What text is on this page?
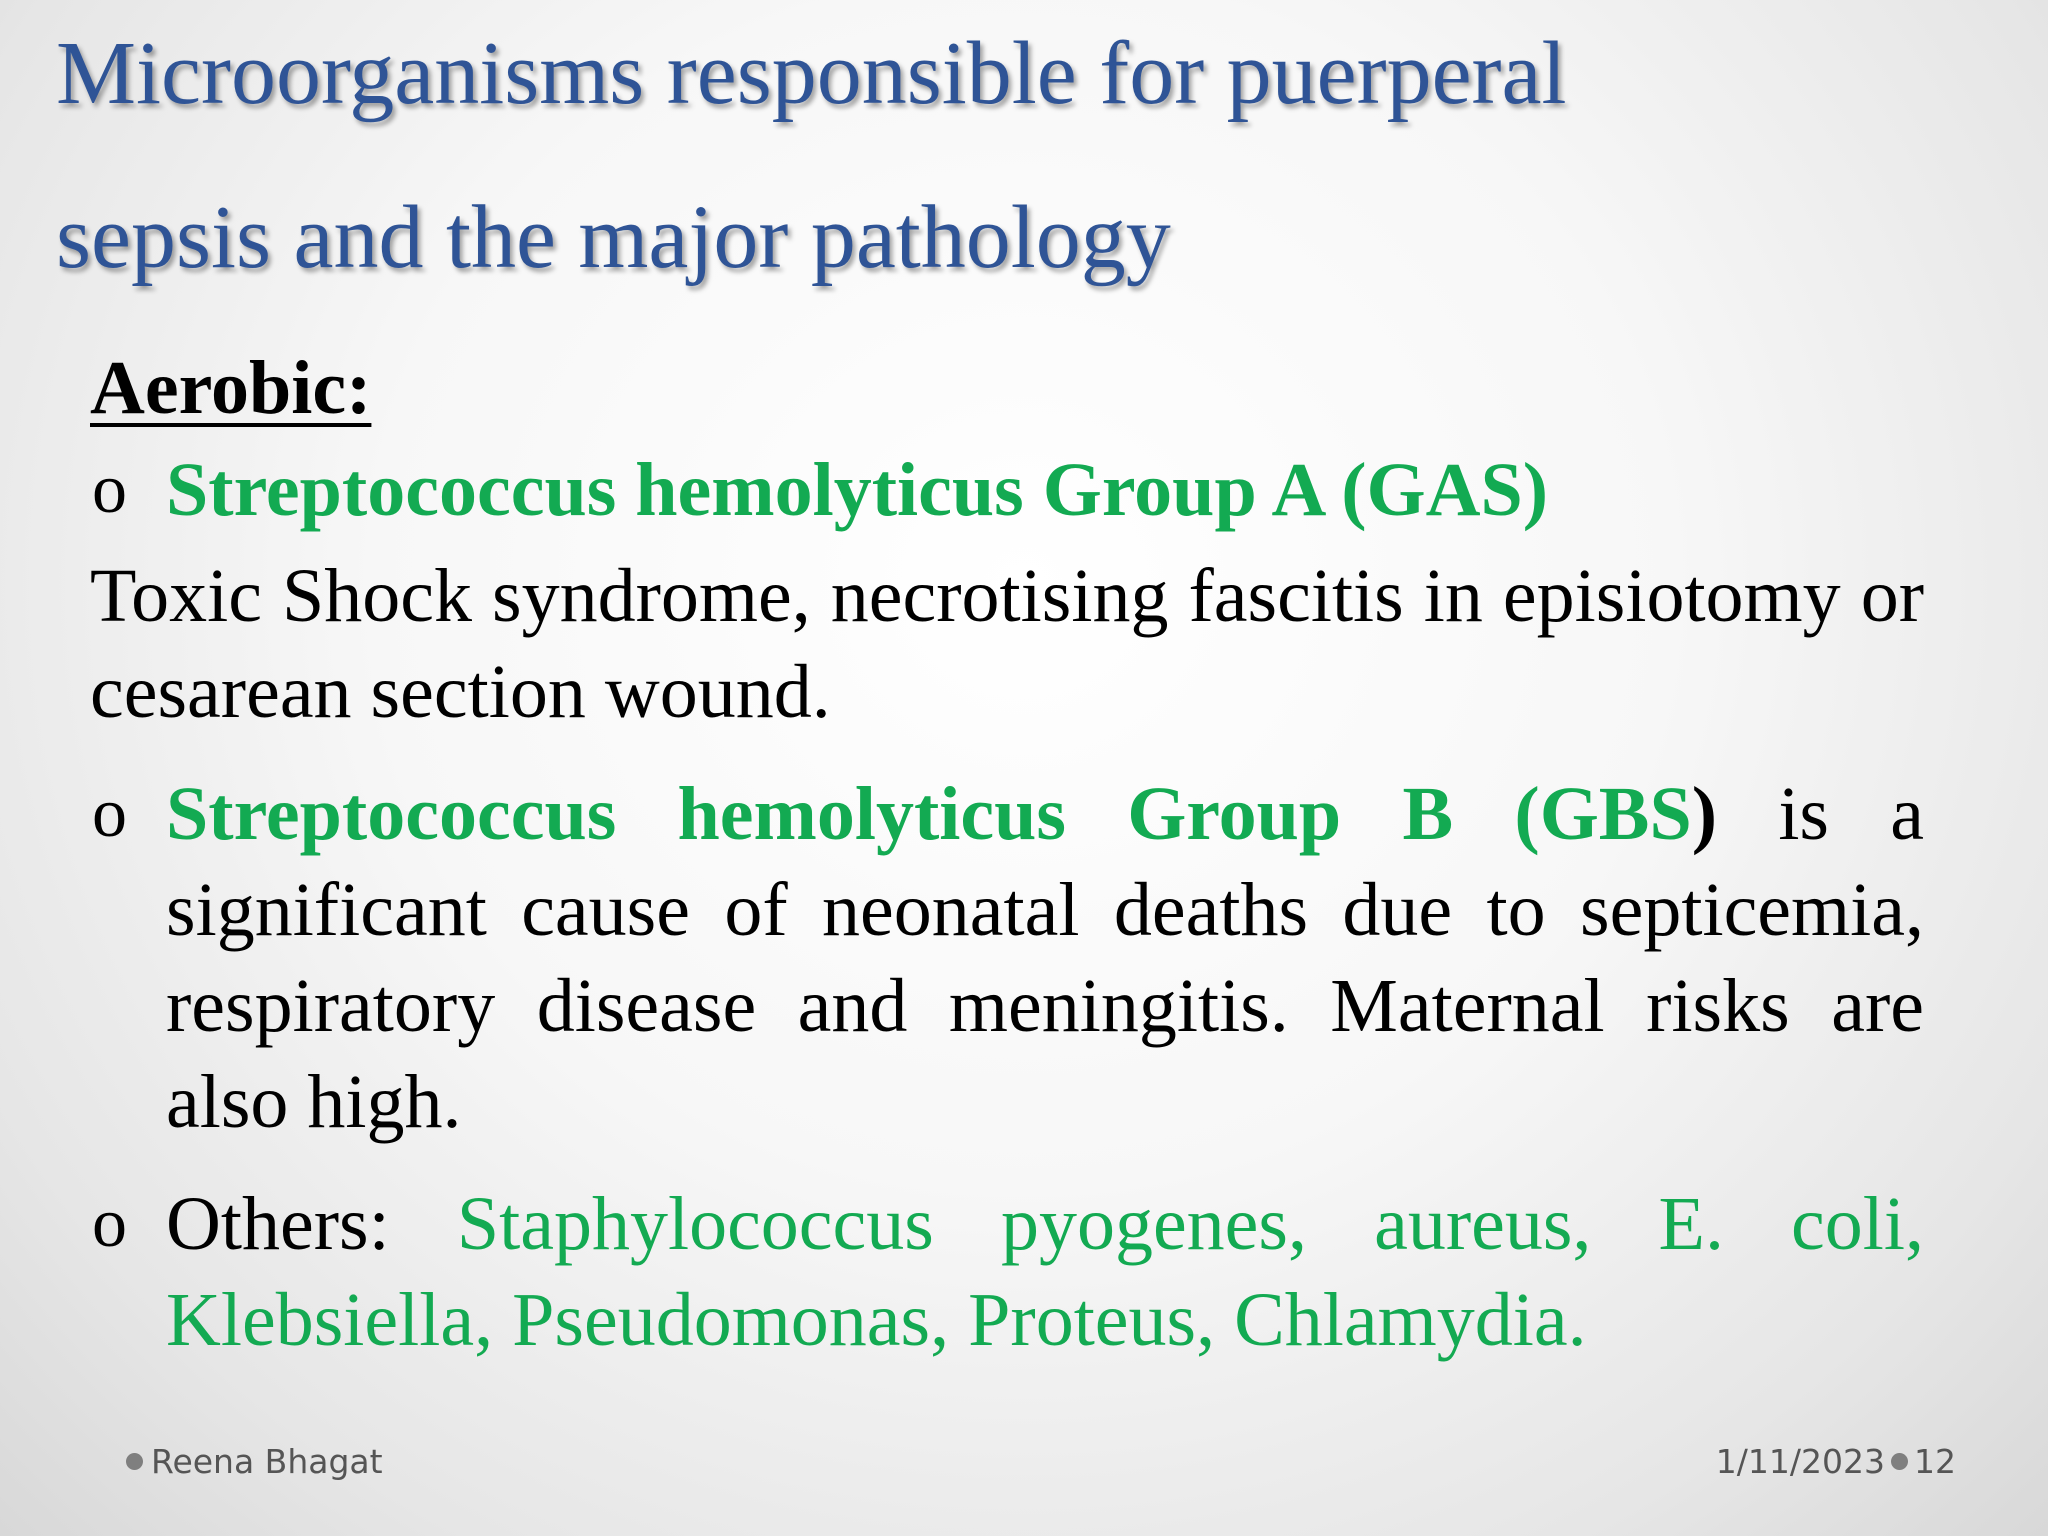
Microorganisms responsible for puerperal
sepsis and the major pathology

Aerobic:

o Streptococcus hemolyticus Group A (GAS)
Toxic Shock syndrome, necrotising fascitis in episiotomy or cesarean section wound.
o Streptococcus hemolyticus Group B (GBS) is a significant cause of neonatal deaths due to septicemia, respiratory disease and meningitis. Maternal risks are also high.
o Others: Staphylococcus pyogenes, aureus, E. coli, Klebsiella, Pseudomonas, Proteus, Chlamydia.
Reena Bhagat	1/11/2023 12
